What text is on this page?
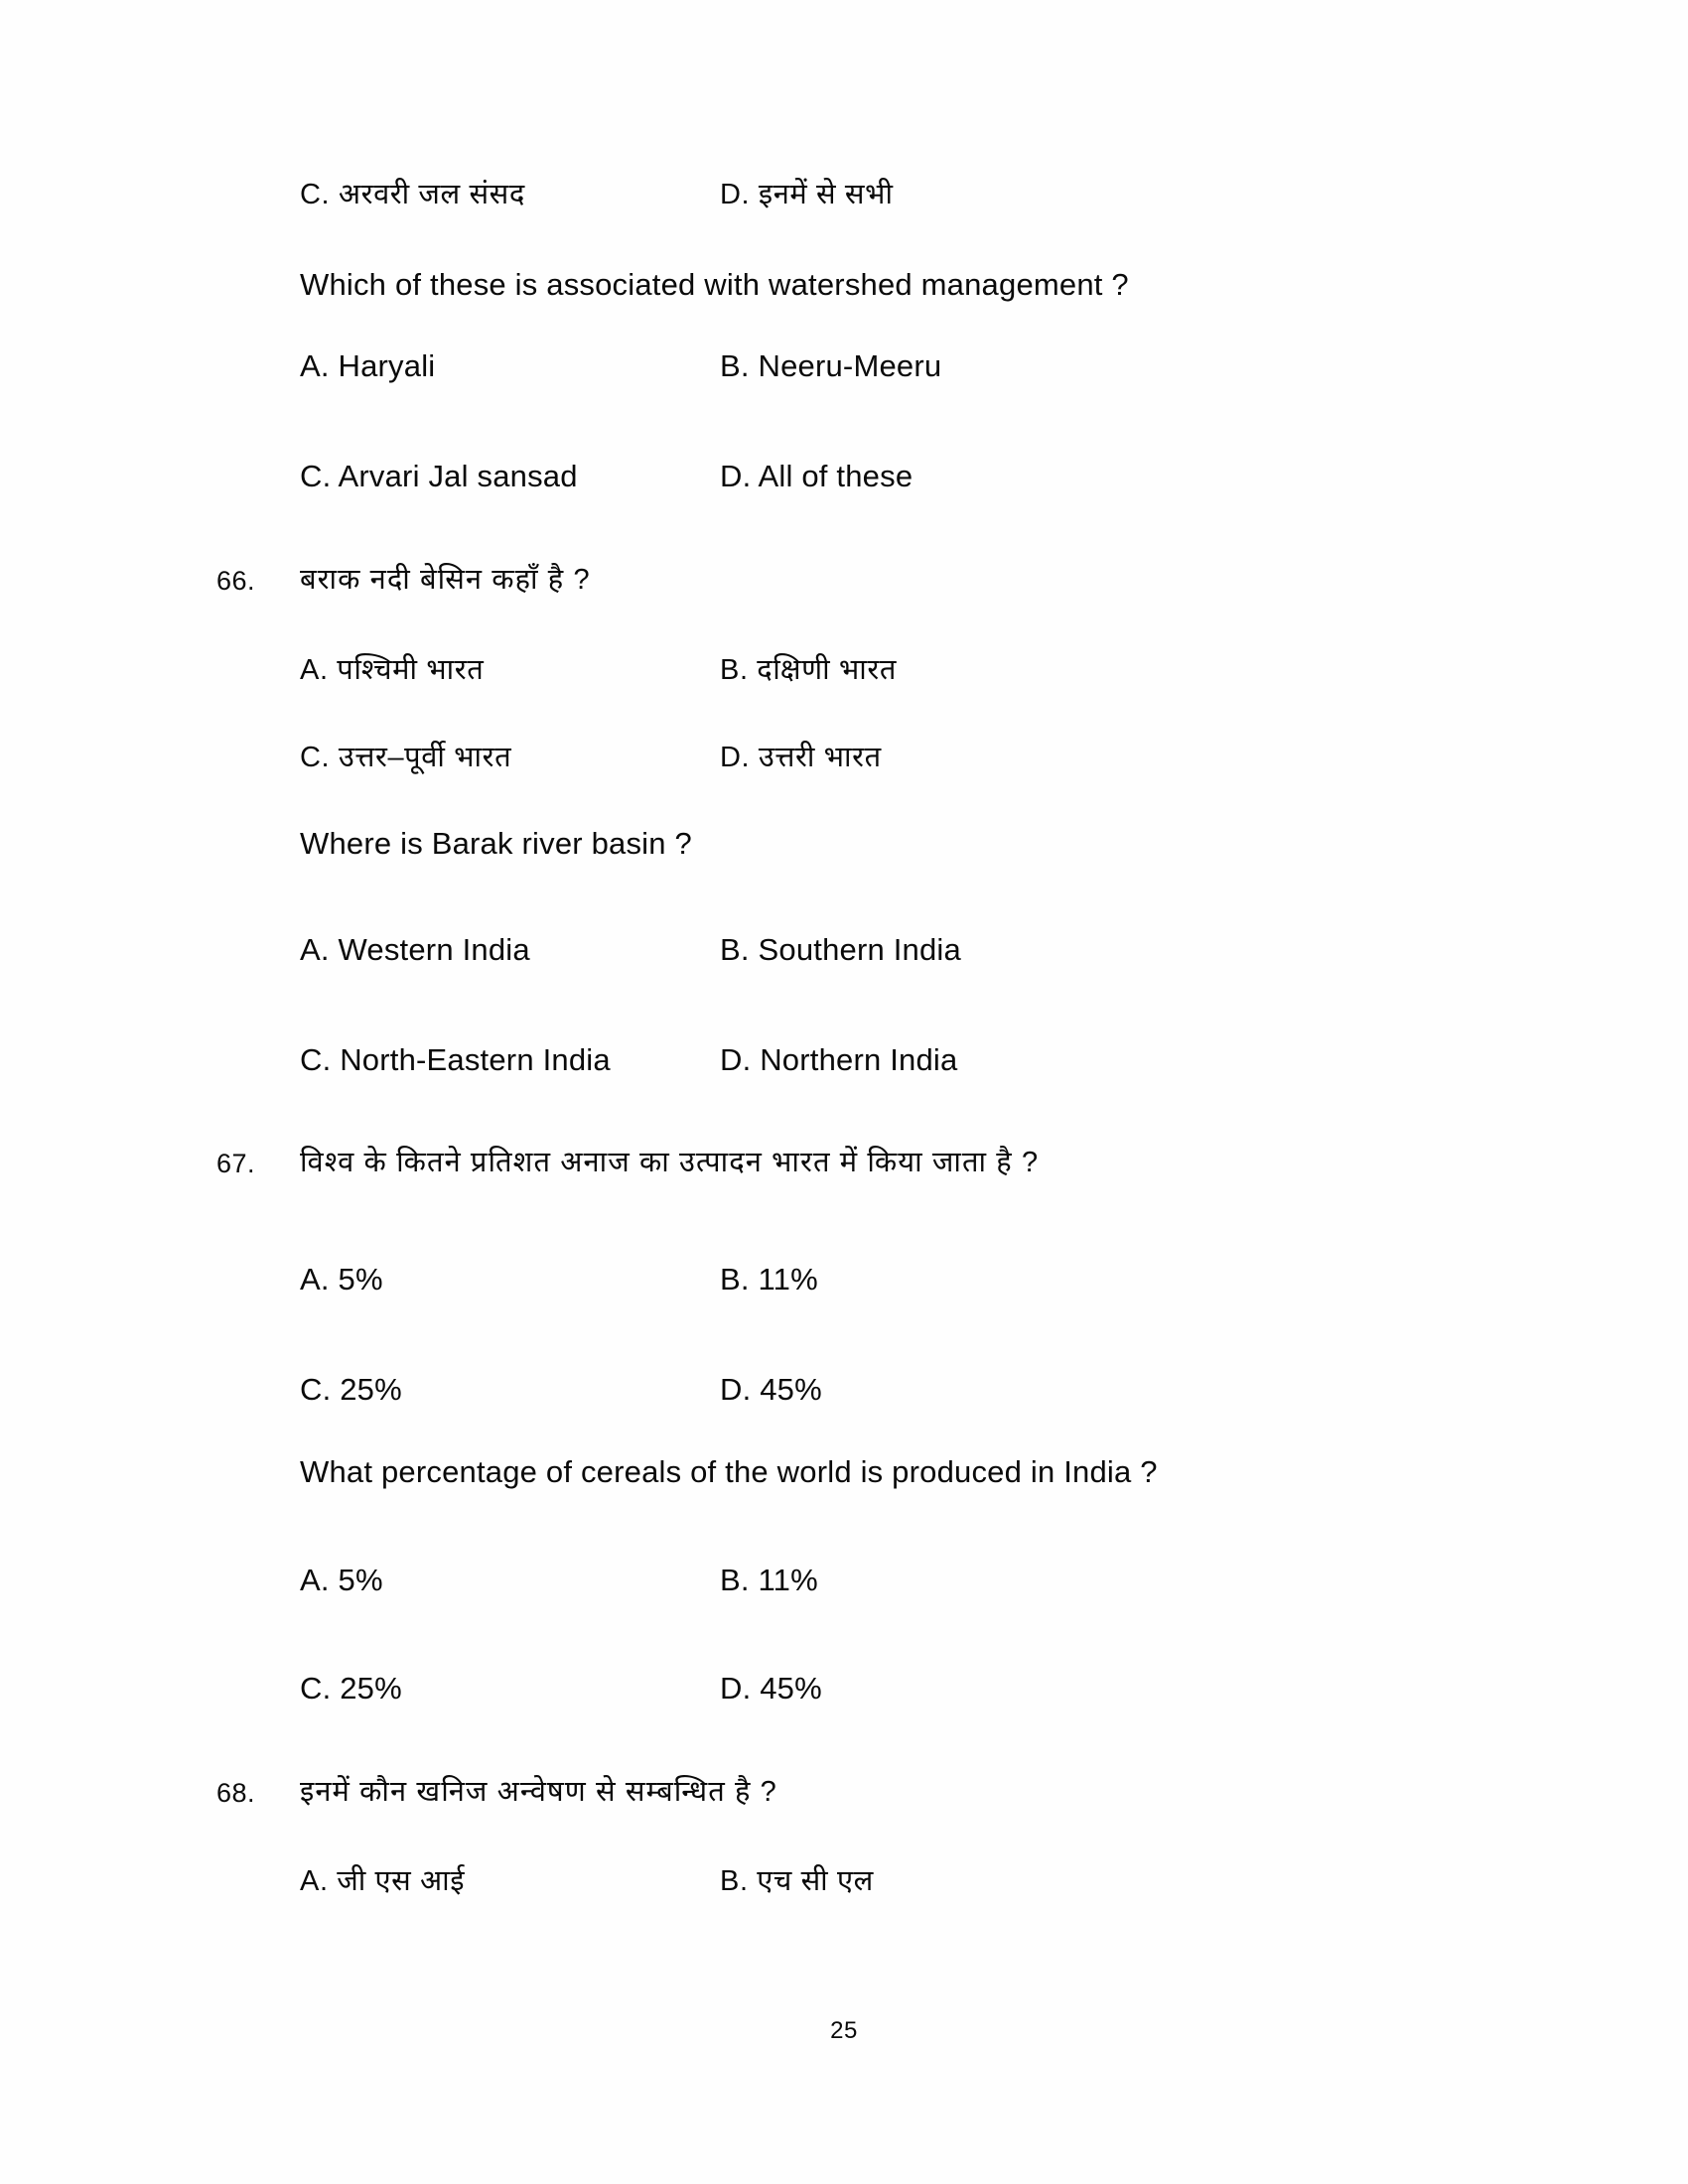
C. अरवरी जल संसद	D. इनमें से सभी
Which of these is associated with watershed management ?
A. Haryali	B. Neeru-Meeru
C. Arvari Jal sansad	D. All of these
66.	बराक नदी बेसिन कहाँ है ?
A. पश्चिमी भारत	B. दक्षिणी भारत
C. उत्तर–पूर्वी भारत	D. उत्तरी भारत
Where is Barak river basin ?
A. Western India	B. Southern India
C. North-Eastern India	D. Northern India
67.	विश्व के कितने प्रतिशत अनाज का उत्पादन भारत में किया जाता है ?
A. 5%	B. 11%
C. 25%	D. 45%
What percentage of cereals of the world is produced in India ?
A. 5%	B. 11%
C. 25%	D. 45%
68.	इनमें कौन खनिज अन्वेषण से सम्बन्धित है ?
A. जी एस आई	B. एच सी एल
25
